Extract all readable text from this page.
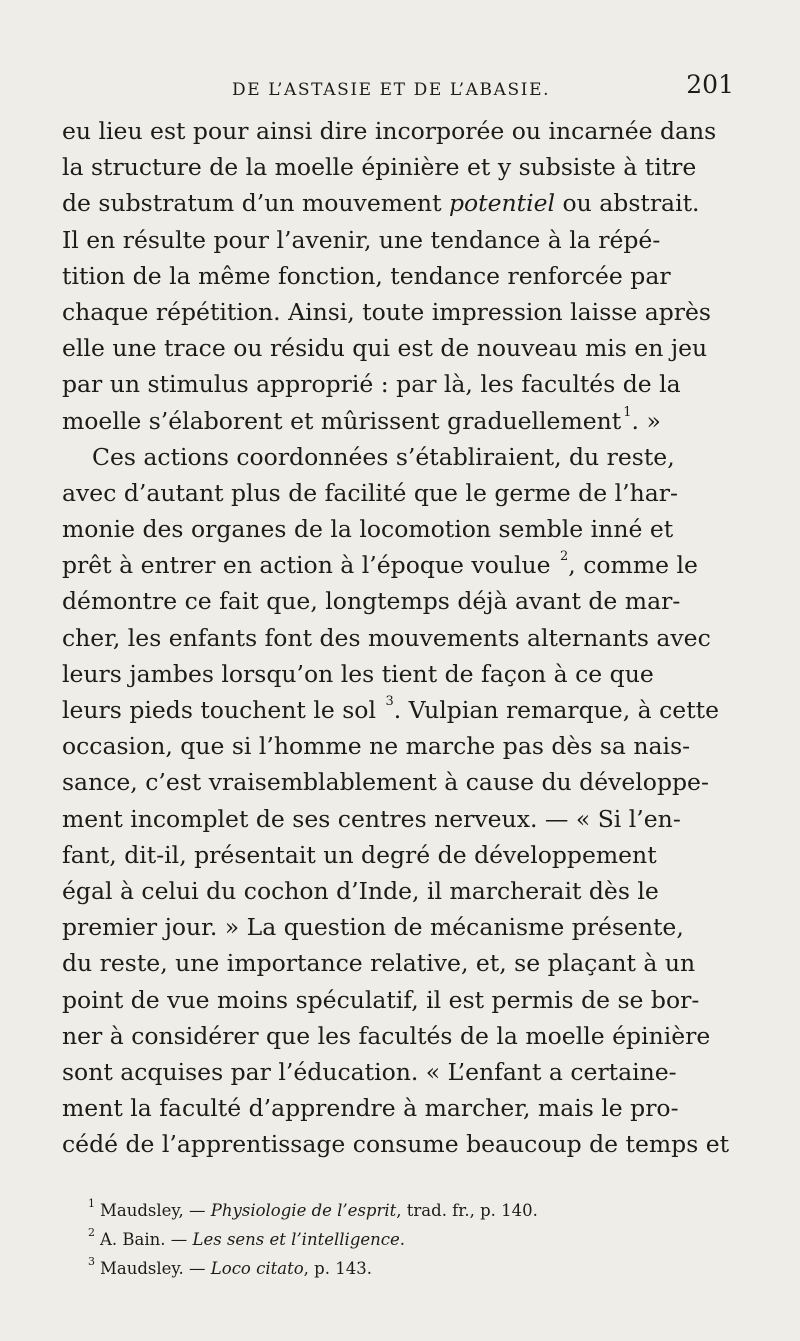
DE L’ASTASIE ET DE L’ABASIE.	201
eu lieu est pour ainsi dire incorporée ou incarnée dans
la structure de la moelle épinière et y subsiste à titre
de substratum d’un mouvement potentiel ou abstrait.
Il en résulte pour l’avenir, une tendance à la répé-
tition de la même fonction, tendance renforcée par
chaque répétition. Ainsi, toute impression laisse après
elle une trace ou résidu qui est de nouveau mis en jeu
par un stimulus approprié : par là, les facultés de la
moelle s’élaborent et mûrissent graduellement 1 . »
Ces actions coordonnées s’établiraient, du reste,
avec d’autant plus de facilité que le germe de l’har-
monie des organes de la locomotion semble inné et
prêt à entrer en action à l’époque voulue $^2$, comme le
démontre ce fait que, longtemps déjà avant de mar-
cher, les enfants font des mouvements alternants avec
leurs jambes lorsqu’on les tient de façon à ce que
leurs pieds touchent le sol $^3$. Vulpian remarque, à cette
occasion, que si l’homme ne marche pas dès sa nais-
sance, c’est vraisemblablement à cause du développe-
ment incomplet de ses centres nerveux. — « Si l’en-
fant, dit-il, présentait un degré de développement
égal à celui du cochon d’Inde, il marcherait dès le
premier jour. » La question de mécanisme présente,
du reste, une importance relative, et, se plaçant à un
point de vue moins spéculatif, il est permis de se bor-
ner à considérer que les facultés de la moelle épinière
sont acquises par l’éducation. « L’enfant a certaine-
ment la faculté d’apprendre à marcher, mais le pro-
cédé de l’apprentissage consume beaucoup de temps et
$^1$ Maudsley, — Physiologie de l’esprit, trad. fr., p. 140.
$^2$ A. Bain. — Les sens et l’intelligence.
$^3$ Maudsley. — Loco citato, p. 143.
